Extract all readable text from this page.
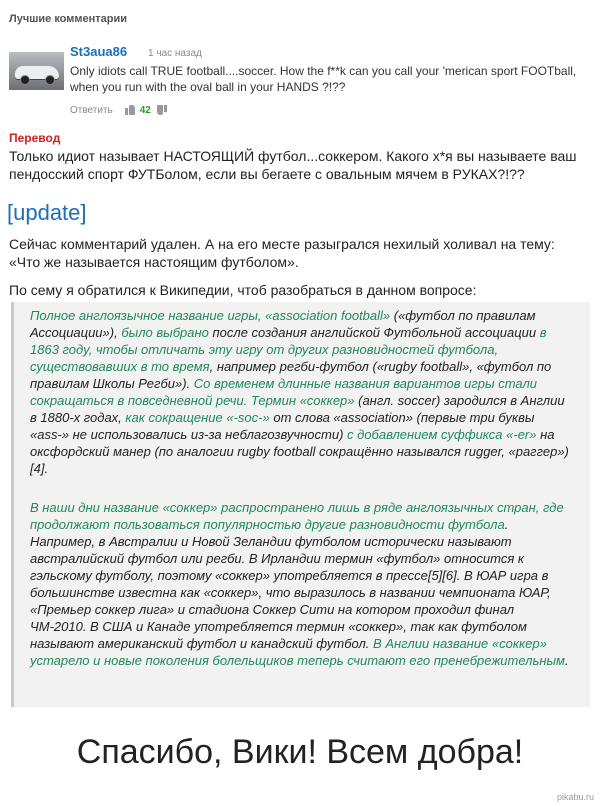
Лучшие комментарии
St3aua86 1 час назад
Only idiots call TRUE football....soccer. How the f**k can you call your 'merican sport FOOTball, when you run with the oval ball in your HANDS ?!??
Ответить	42
Перевод
Только идиот называет НАСТОЯЩИЙ футбол...соккером. Какого х*я вы называете ваш пендосский спорт ФУТБолом, если вы бегаете с овальным мячем в РУКАХ?!??
[update]
Сейчас комментарий удален. А на его месте разыгрался нехилый холивал на тему: «Что же называется настоящим футболом».
По сему я обратился к Википедии, чтоб разобраться в данном вопросе:
Полное англоязычное название игры, «association football» («футбол по правилам Ассоциации»), было выбрано после создания английской Футбольной ассоциации в 1863 году, чтобы отличать эту игру от других разновидностей футбола, существовавших в то время, например регби-футбол («rugby football», «футбол по правилам Школы Регби»). Со временем длинные названия вариантов игры стали сокращаться в повседневной речи. Термин «соккер» (англ. soccer) зародился в Англии в 1880-х годах, как сокращение «-soc-» от слова «association» (первые три буквы «ass-» не использовались из-за неблагозвучности) с добавлением суффикса «-er» на оксфордский манер (по аналогии rugby football сокращённо назывался rugger, «раггер»)[4].
В наши дни название «соккер» распространено лишь в ряде англоязычных стран, где продолжают пользоваться популярностью другие разновидности футбола. Например, в Австралии и Новой Зеландии футболом исторически называют австралийский футбол или регби. В Ирландии термин «футбол» относится к гэльскому футболу, поэтому «соккер» употребляется в прессе[5][6]. В ЮАР игра в большинстве известна как «соккер», что выразилось в названии чемпионата ЮАР, «Премьер соккер лига» и стадиона Соккер Сити на котором проходил финал ЧМ-2010. В США и Канаде употребляется термин «соккер», так как футболом называют американский футбол и канадский футбол. В Англии название «соккер» устарело и новые поколения болельщиков теперь считают его пренебрежительным.
Спасибо, Вики! Всем добра!
pikabu.ru
